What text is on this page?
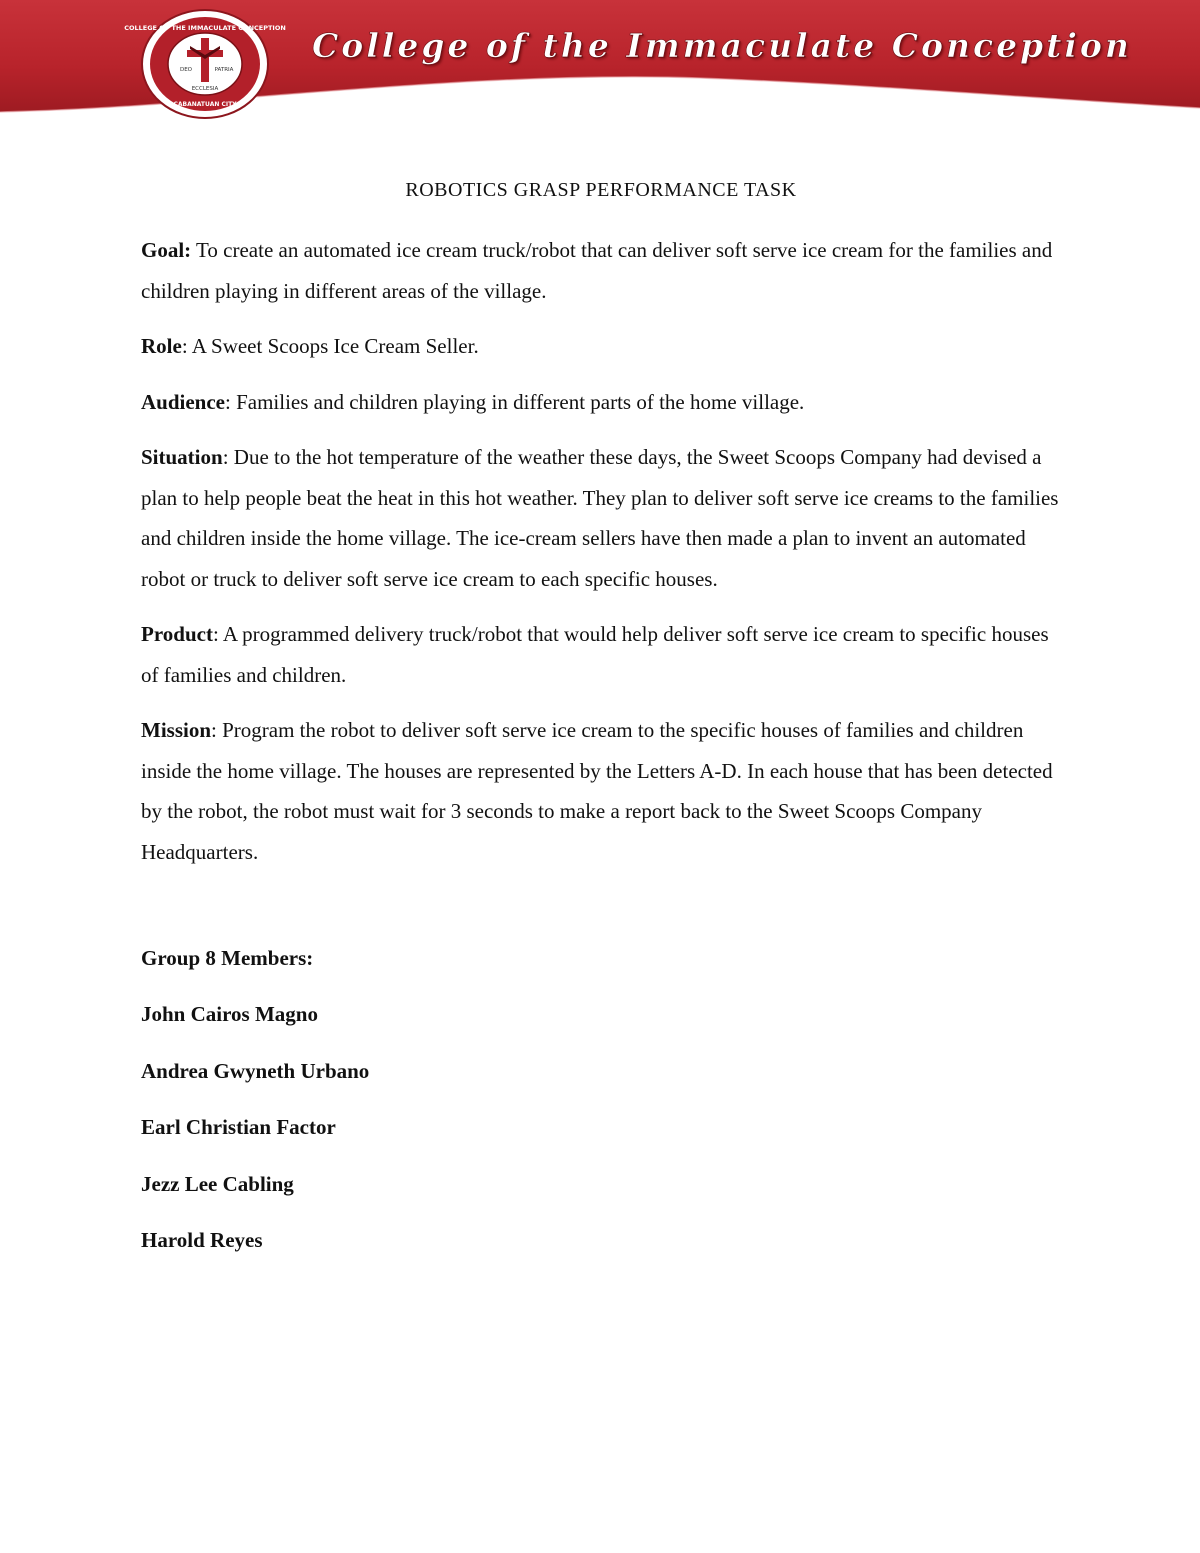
COLLEGE OF THE IMMACULATE CONCEPTION
CABANATUAN CITY
DEO	PATRIA
ECCLESIA
College of the Immaculate Conception
ROBOTICS GRASP PERFORMANCE TASK
Goal: To create an automated ice cream truck/robot that can deliver soft serve ice cream for the families and children playing in different areas of the village.
Role: A Sweet Scoops Ice Cream Seller.
Audience: Families and children playing in different parts of the home village.
Situation: Due to the hot temperature of the weather these days, the Sweet Scoops Company had devised a plan to help people beat the heat in this hot weather. They plan to deliver soft serve ice creams to the families and children inside the home village. The ice-cream sellers have then made a plan to invent an automated robot or truck to deliver soft serve ice cream to each specific houses.
Product: A programmed delivery truck/robot that would help deliver soft serve ice cream to specific houses of families and children.
Mission: Program the robot to deliver soft serve ice cream to the specific houses of families and children inside the home village. The houses are represented by the Letters A-D. In each house that has been detected by the robot, the robot must wait for 3 seconds to make a report back to the Sweet Scoops Company Headquarters.
Group 8 Members:
John Cairos Magno
Andrea Gwyneth Urbano
Earl Christian Factor
Jezz Lee Cabling
Harold Reyes
